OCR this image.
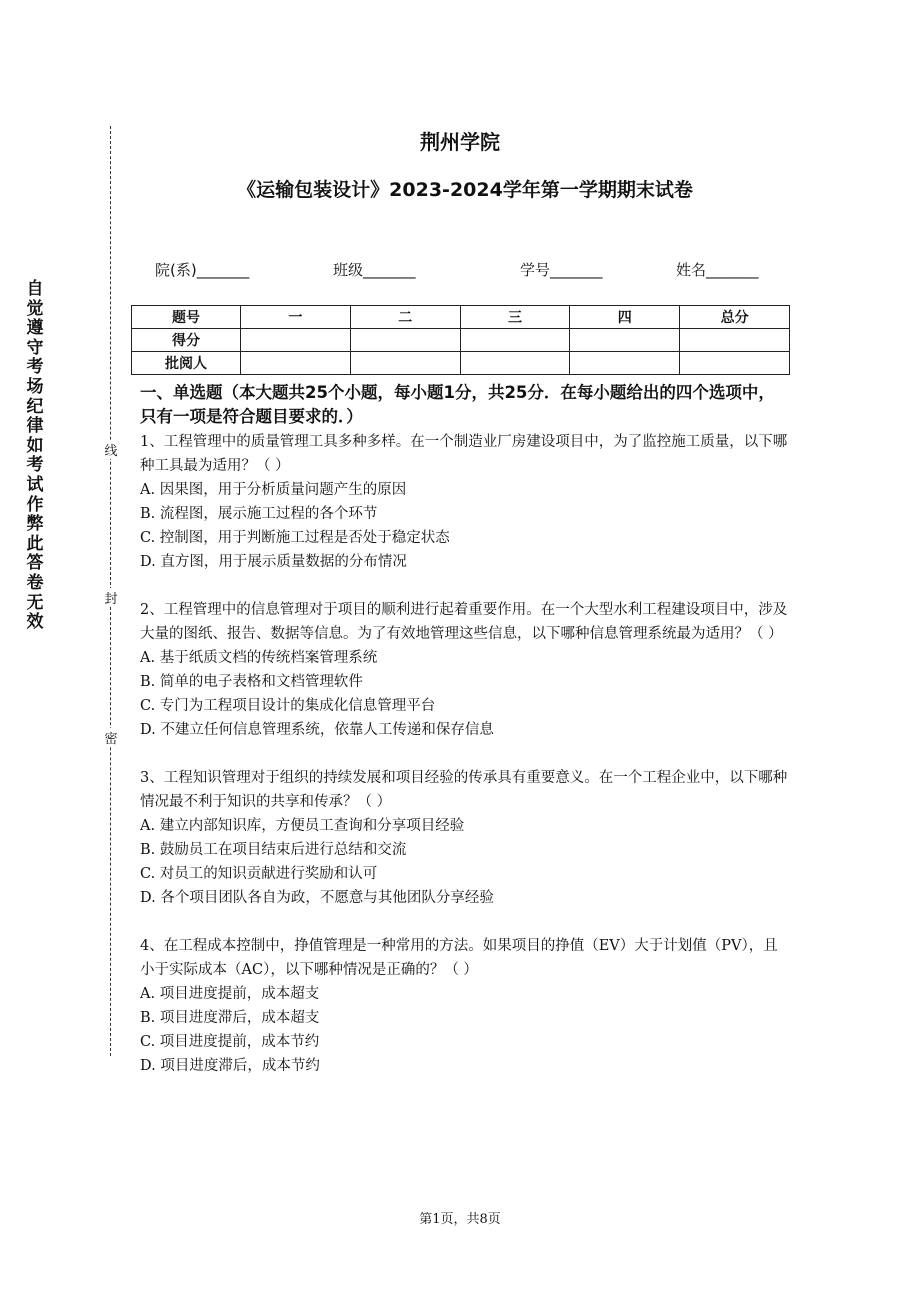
自觉遵守考场纪律如考试作弊此答卷无效
线
封
密
荆州学院
《运输包装设计》2023-2024学年第一学期期末试卷
院(系)_______	班级_______	学号_______	姓名_______
题号	一	二	三	四	总分
得分					
批阅人					
一、单选题（本大题共25个小题，每小题1分，共25分．在每小题给出的四个选项中，只有一项是符合题目要求的．）

1、工程管理中的质量管理工具多种多样。在一个制造业厂房建设项目中，为了监控施工质量，以下哪种工具最为适用？（ ）

A. 因果图，用于分析质量问题产生的原因

B. 流程图，展示施工过程的各个环节

C. 控制图，用于判断施工过程是否处于稳定状态

D. 直方图，用于展示质量数据的分布情况

2、工程管理中的信息管理对于项目的顺利进行起着重要作用。在一个大型水利工程建设项目中，涉及大量的图纸、报告、数据等信息。为了有效地管理这些信息，以下哪种信息管理系统最为适用？（ ）

A. 基于纸质文档的传统档案管理系统

B. 简单的电子表格和文档管理软件

C. 专门为工程项目设计的集成化信息管理平台

D. 不建立任何信息管理系统，依靠人工传递和保存信息

3、工程知识管理对于组织的持续发展和项目经验的传承具有重要意义。在一个工程企业中，以下哪种情况最不利于知识的共享和传承？（ ）

A. 建立内部知识库，方便员工查询和分享项目经验

B. 鼓励员工在项目结束后进行总结和交流

C. 对员工的知识贡献进行奖励和认可

D. 各个项目团队各自为政，不愿意与其他团队分享经验

4、在工程成本控制中，挣值管理是一种常用的方法。如果项目的挣值（EV）大于计划值（PV），且小于实际成本（AC），以下哪种情况是正确的？（ ）

A. 项目进度提前，成本超支

B. 项目进度滞后，成本超支

C. 项目进度提前，成本节约

D. 项目进度滞后，成本节约

第1页，共8页
